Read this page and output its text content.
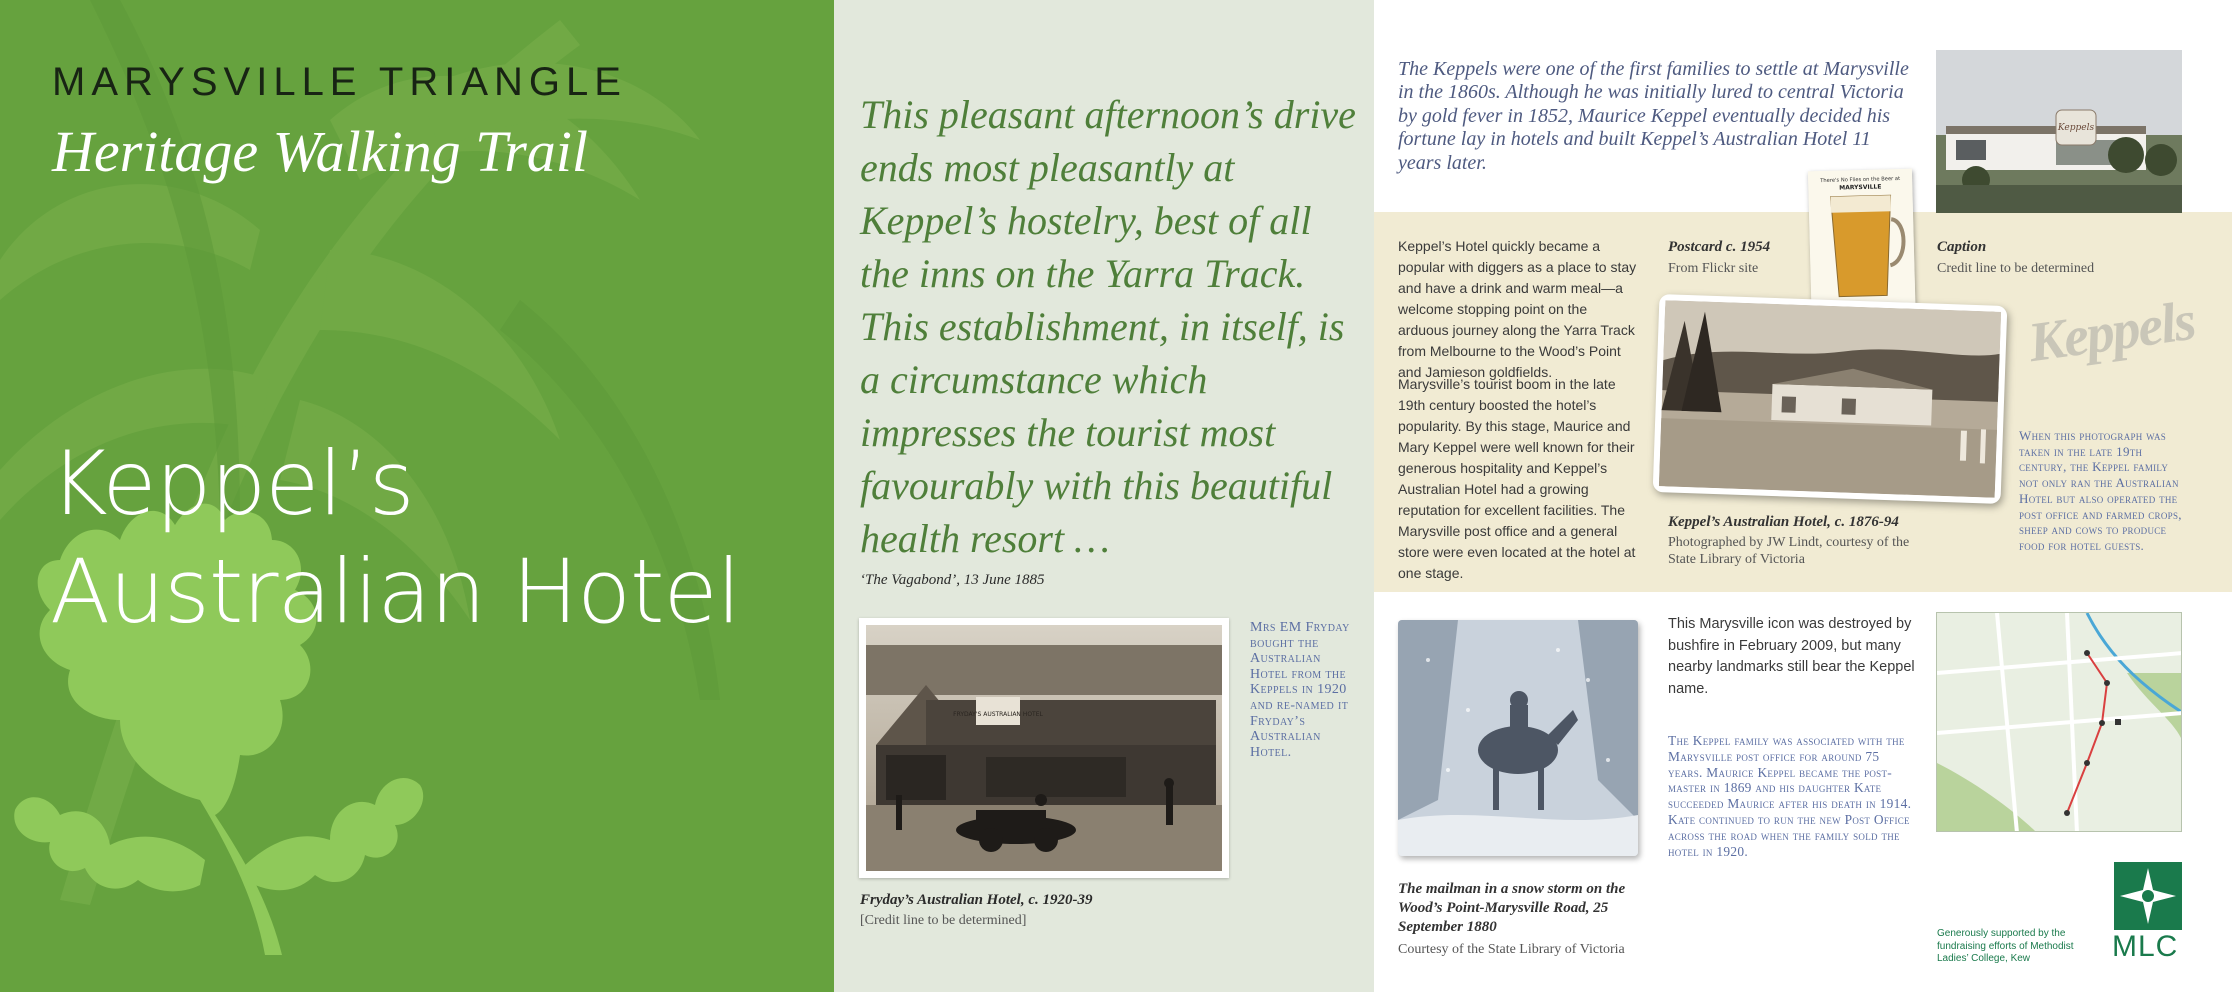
MARYSVILLE TRIANGLE
Heritage Walking Trail
Keppel’s
Australian Hotel
This pleasant afternoon’s drive ends most pleasantly at Keppel’s hostelry, best of all the inns on the Yarra Track. This establishment, in itself, is a circumstance which impresses the tourist most favourably with this beautiful health resort …
‘The Vagabond’, 13 June 1885
FRYDAY'S AUSTRALIAN HOTEL
Mrs EM Fryday bought the Australian Hotel from the Keppels in 1920 and re-named it Fryday’s Australian Hotel.
Fryday’s Australian Hotel, c. 1920-39
[Credit line to be determined]
The Keppels were one of the first families to settle at Marysville in the 1860s. Although he was initially lured to central Victoria by gold fever in 1852, Maurice Keppel eventually decided his fortune lay in hotels and built Keppel’s Australian Hotel 11 years later.
Keppels
Keppel’s Hotel quickly became a popular with diggers as a place to stay and have a drink and warm meal—a welcome stopping point on the arduous journey along the Yarra Track from Melbourne to the Wood’s Point and Jamieson goldfields.
Marysville’s tourist boom in the late 19th century boosted the hotel’s popularity. By this stage, Maurice and Mary Keppel were well known for their generous hospitality and Keppel’s Australian Hotel had a growing reputation for excellent facilities. The Marysville post office and a general store were even located at the hotel at one stage.
Postcard c. 1954
From Flickr site
There's No Flies on the Beer at
MARYSVILLE
Caption
Credit line to be determined
Keppels
When this photograph was taken in the late 19th century, the Keppel family not only ran the Australian Hotel but also operated the post office and farmed crops, sheep and cows to produce food for hotel guests.
Keppel’s Australian Hotel, c. 1876-94
Photographed by JW Lindt, courtesy of the State Library of Victoria
The mailman in a snow storm on the Wood’s Point-Marysville Road, 25 September 1880
Courtesy of the State Library of Victoria
This Marysville icon was destroyed by bushfire in February 2009, but many nearby landmarks still bear the Keppel name.
The Keppel family was associated with the Marysville post office for around 75 years. Maurice Keppel became the post-master in 1869 and his daughter Kate succeeded Maurice after his death in 1914. Kate continued to run the new Post Office across the road when the family sold the hotel in 1920.
MLC
Generously supported by the fundraising efforts of Methodist Ladies’ College, Kew
